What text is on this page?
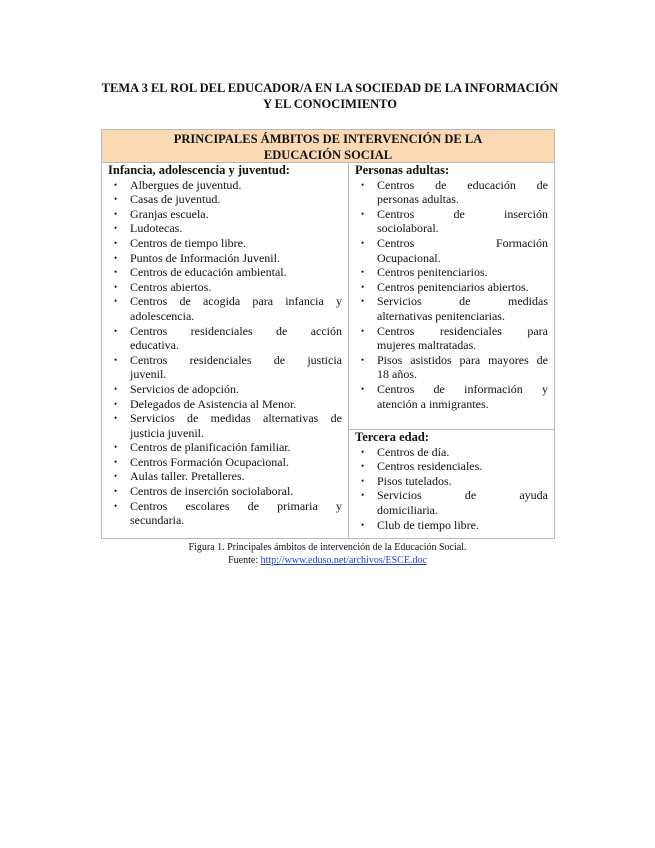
TEMA 3 EL ROL DEL EDUCADOR/A EN LA SOCIEDAD DE LA INFORMACIÓN
Y EL CONOCIMIENTO
PRINCIPALES ÁMBITOS DE INTERVENCIÓN DE LA
EDUCACIÓN SOCIAL
Infancia, adolescencia y juventud:
• Albergues de juventud.
• Casas de juventud.
• Granjas escuela.
• Ludotecas.
• Centros de tiempo libre.
• Puntos de Información Juvenil.
• Centros de educación ambiental.
• Centros abiertos.
• Centros de acogida para infancia y
adolescencia.
• Centros residenciales de acción
educativa.
• Centros residenciales de justicia
juvenil.
• Servicios de adopción.
• Delegados de Asistencia al Menor.
• Servicios de medidas alternativas de
justicia juvenil.
• Centros de planificación familiar.
• Centros Formación Ocupacional.
• Aulas taller. Pretalleres.
• Centros de inserción sociolaboral.
• Centros escolares de primaria y
secundaria.
Personas adultas:
• Centros de educación de
personas adultas.
• Centros de inserción
sociolaboral.
• Centros Formación
Ocupacional.
• Centros penitenciarios.
• Centros penitenciarios abiertos.
• Servicios de medidas
alternativas penitenciarias.
• Centros residenciales para
mujeres maltratadas.
• Pisos asistidos para mayores de
18 años.
• Centros de información y
atención a inmigrantes.
Tercera edad:
• Centros de día.
• Centros residenciales.
• Pisos tutelados.
• Servicios de ayuda
domiciliaria.
• Club de tiempo libre.
Figura 1. Principales ámbitos de intervención de la Educación Social.
Fuente: http://www.eduso.net/archivos/ESCE.doc
